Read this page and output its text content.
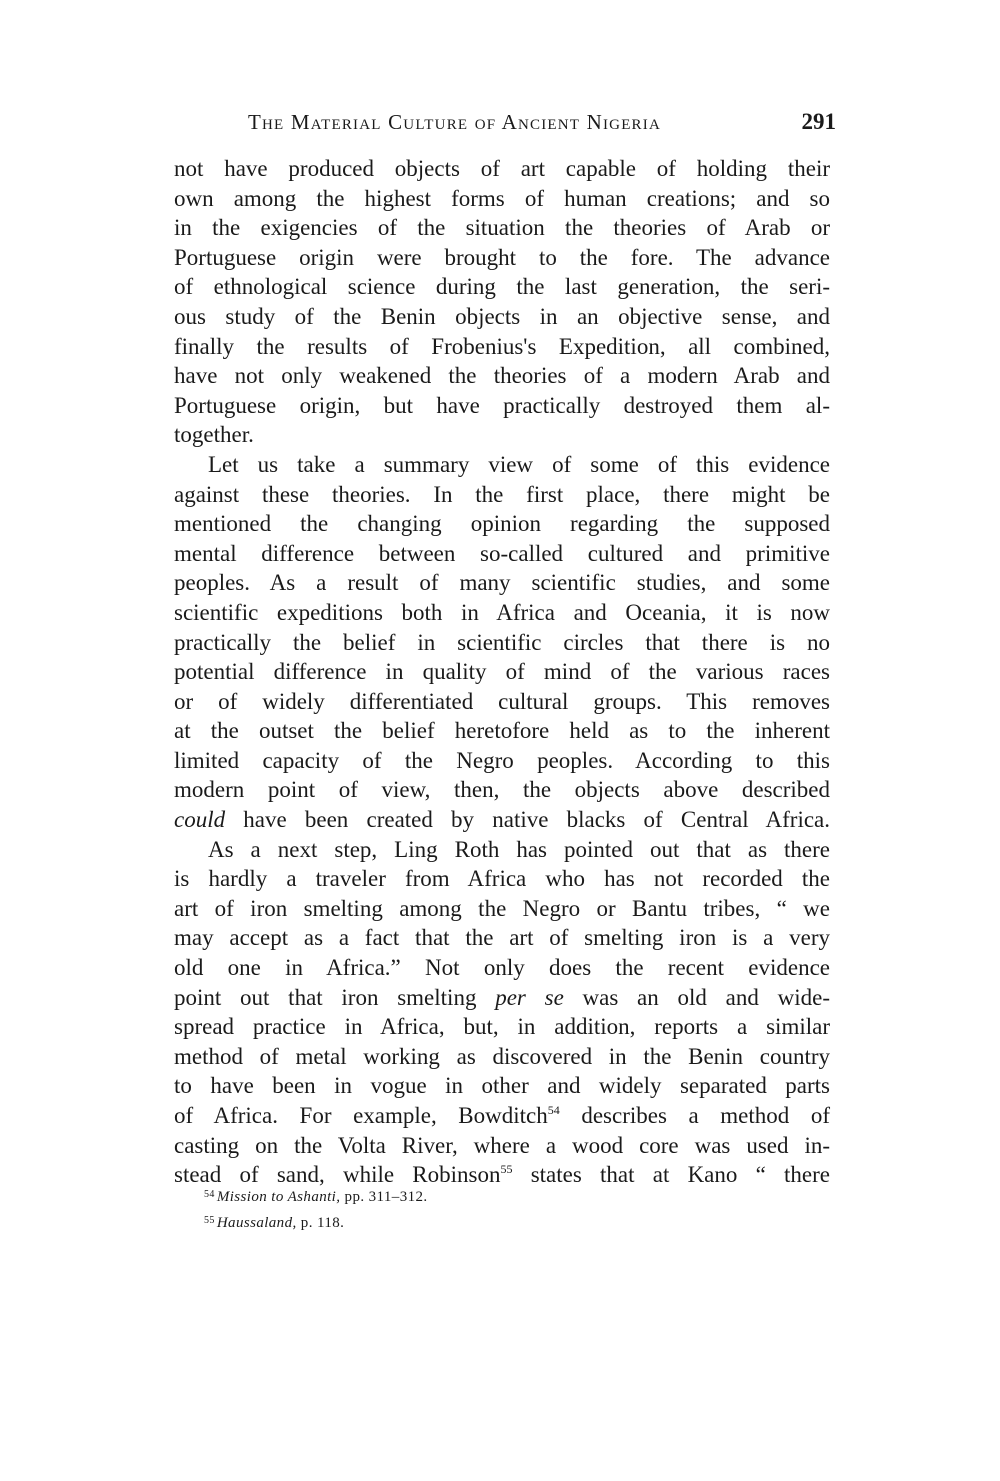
The Material Culture of Ancient Nigeria	291
not have produced objects of art capable of holding their
own among the highest forms of human creations; and so
in the exigencies of the situation the theories of Arab or
Portuguese origin were brought to the fore. The advance
of ethnological science during the last generation, the seri-
ous study of the Benin objects in an objective sense, and
finally the results of Frobenius's Expedition, all combined,
have not only weakened the theories of a modern Arab and
Portuguese origin, but have practically destroyed them al-
together.
Let us take a summary view of some of this evidence
against these theories. In the first place, there might be
mentioned the changing opinion regarding the supposed
mental difference between so-called cultured and primitive
peoples. As a result of many scientific studies, and some
scientific expeditions both in Africa and Oceania, it is now
practically the belief in scientific circles that there is no
potential difference in quality of mind of the various races
or of widely differentiated cultural groups. This removes
at the outset the belief heretofore held as to the inherent
limited capacity of the Negro peoples. According to this
modern point of view, then, the objects above described
could have been created by native blacks of Central Africa.
As a next step, Ling Roth has pointed out that as there
is hardly a traveler from Africa who has not recorded the
art of iron smelting among the Negro or Bantu tribes, “ we
may accept as a fact that the art of smelting iron is a very
old one in Africa.” Not only does the recent evidence
point out that iron smelting per se was an old and wide-
spread practice in Africa, but, in addition, reports a similar
method of metal working as discovered in the Benin country
to have been in vogue in other and widely separated parts
of Africa. For example, Bowditch$^{54}$ describes a method of
casting on the Volta River, where a wood core was used in-
stead of sand, while Robinson$^{55}$ states that at Kano “ there
$^{54}$ Mission to Ashanti, pp. 311–312.
$^{55}$ Haussaland, p. 118.
